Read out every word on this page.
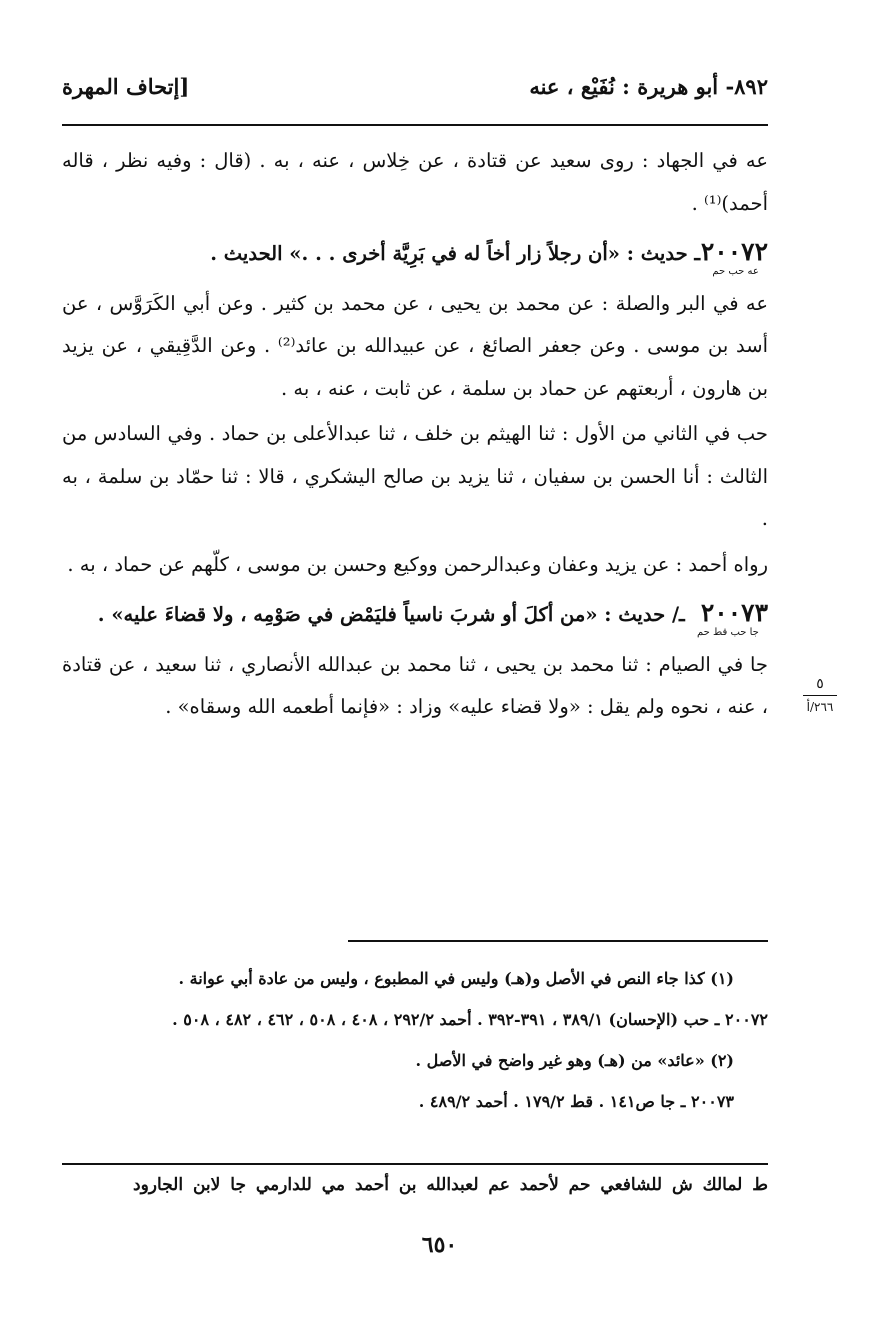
٨٩٢- أبو هريرة : نُفَيْع ، عنه
[إتحاف المهرة

عه في الجهاد : روى سعيد عن قتادة ، عن خِلاس ، عنه ، به . (قال : وفيه نظر ، قاله أحمد)⁽¹⁾ .

$٢٠٠٧٢_{عه حب حم}$ ـ حديث : «أن رجلاً زار أخاً له في بَرِيَّة أخرى . . .» الحديث .

عه في البر والصلة : عن محمد بن يحيى ، عن محمد بن كثير . وعن أبي الكَرَوَّس ، عن أسد بن موسى . وعن جعفر الصائغ ، عن عبيدالله بن عائد⁽²⁾ . وعن الدَّقِيقي ، عن يزيد بن هارون ، أربعتهم عن حماد بن سلمة ، عن ثابت ، عنه ، به .

حب في الثاني من الأول : ثنا الهيثم بن خلف ، ثنا عبدالأعلى بن حماد . وفي السادس من الثالث : أنا الحسن بن سفيان ، ثنا يزيد بن صالح اليشكري ، قالا : ثنا حمّاد بن سلمة ، به .

رواه أحمد : عن يزيد وعفان وعبدالرحمن ووكيع وحسن بن موسى ، كلّهم عن حماد ، به .

$٢٠٠٧٣_{جا حب قط حم}$ ـ/ حديث : «من أكلَ أو شربَ ناسياً فليَمْض في صَوْمِه ، ولا قضاءَ عليه» .

جا في الصيام : ثنا محمد بن يحيى ، ثنا محمد بن عبدالله الأنصاري ، ثنا سعيد ، عن قتادة ، عنه ، نحوه ولم يقل : «ولا قضاء عليه» وزاد : «فإنما أطعمه الله وسقاه» .

٥
٢٦٦/أ

(١) كذا جاء النص في الأصل و(هـ) وليس في المطبوع ، وليس من عادة أبي عوانة .

٢٠٠٧٢ ـ حب (الإحسان) ٣٨٩/١ ، ٣٩١-٣٩٢ . أحمد ٢٩٢/٢ ، ٤٠٨ ، ٥٠٨ ، ٤٦٢ ، ٤٨٢ ، ٥٠٨ .

(٢) «عائد» من (هـ) وهو غير واضح في الأصل .

٢٠٠٧٣ ـ جا ص١٤١ . قط ١٧٩/٢ . أحمد ٤٨٩/٢ .

ط لمالك ش للشافعي حم لأحمد عم لعبدالله بن أحمد مي للدارمي جا لابن الجارود
٦٥٠
